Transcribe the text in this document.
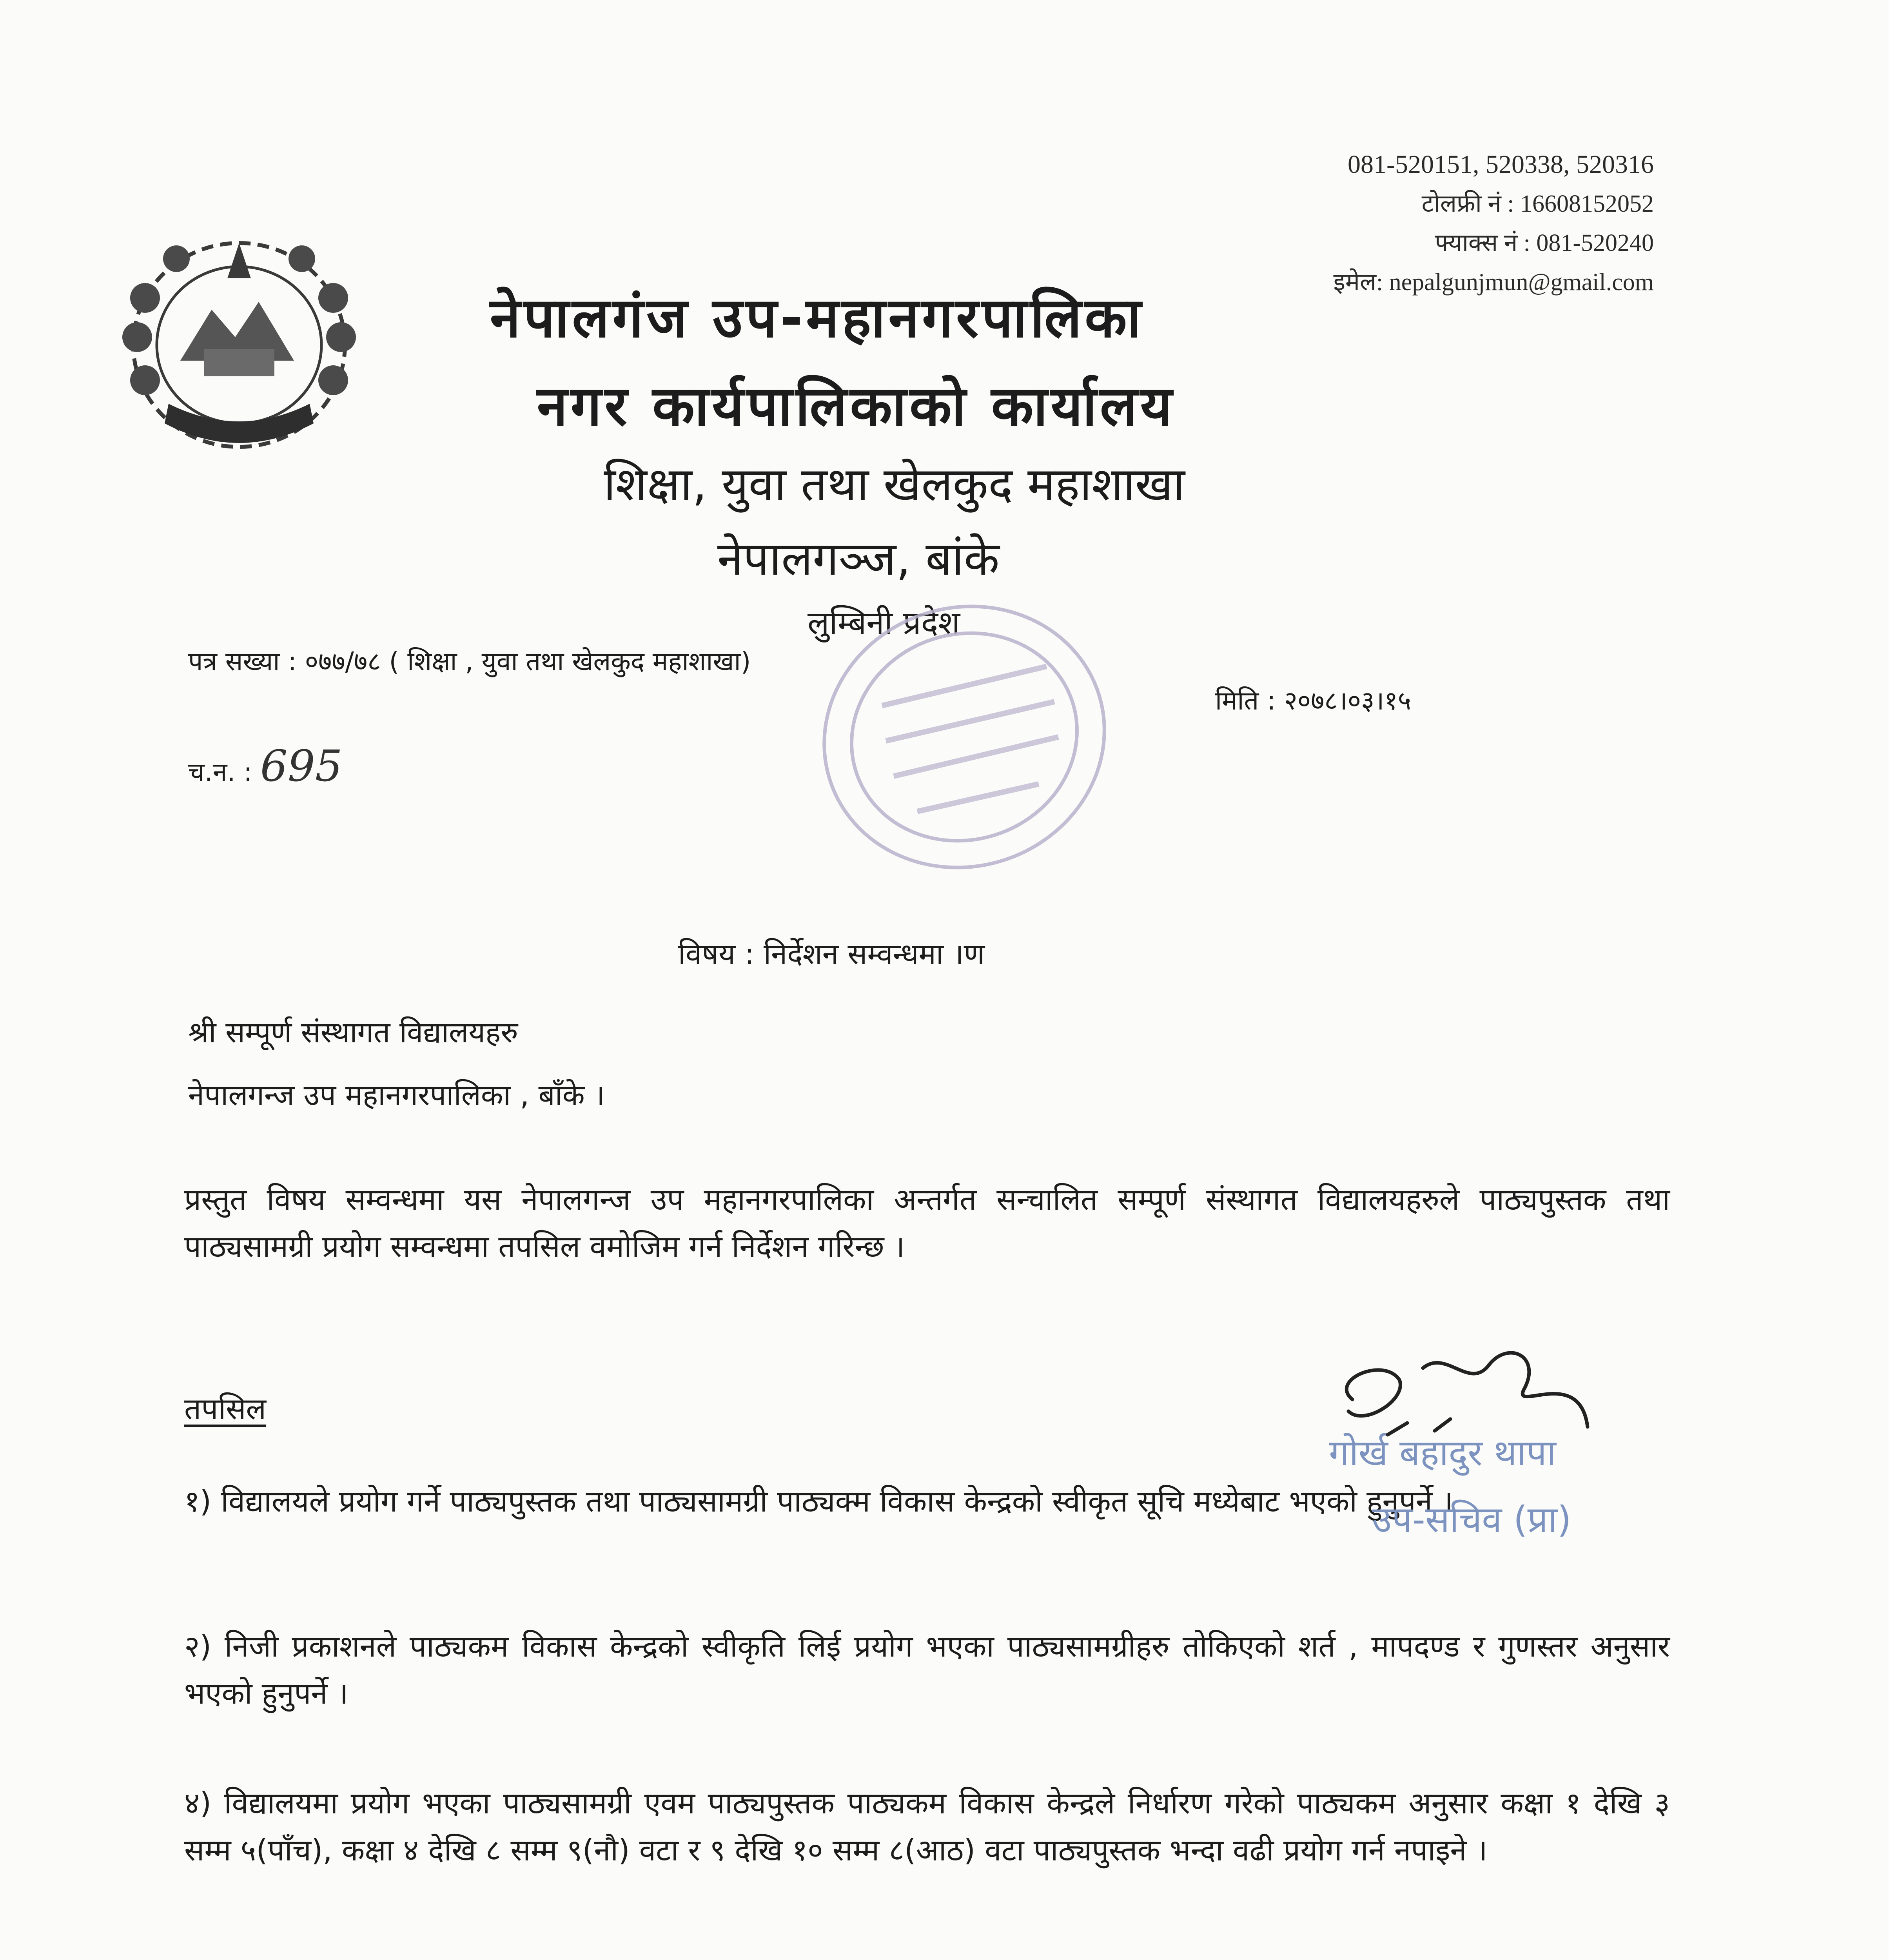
081-520151, 520338, 520316
टोलफ्री नं : 16608152052
फ्याक्स नं : 081-520240
इमेल: nepalgunjmun@gmail.com
नेपालगंज उप-महानगरपालिका
नगर कार्यपालिकाको कार्यालय
शिक्षा, युवा तथा खेलकुद महाशाखा
नेपालगञ्ज, बांके
लुम्बिनी प्रदेश
पत्र सख्या : ०७७/७८ ( शिक्षा , युवा तथा खेलकुद महाशाखा)
मिति : २०७८।०३।१५
च.न. : 695
विषय : निर्देशन सम्वन्धमा ।ण
श्री सम्पूर्ण संस्थागत विद्यालयहरु
नेपालगन्ज उप महानगरपालिका , बाँके ।
प्रस्तुत विषय सम्वन्धमा यस नेपालगन्ज उप महानगरपालिका अन्तर्गत सन्चालित सम्पूर्ण संस्थागत विद्यालयहरुले पाठ्यपुस्तक तथा पाठ्यसामग्री प्रयोग सम्वन्धमा तपसिल वमोजिम गर्न निर्देशन गरिन्छ ।
तपसिल
१) विद्यालयले प्रयोग गर्ने पाठ्यपुस्तक तथा पाठ्यसामग्री पाठ्यक्म विकास केन्द्रको स्वीकृत सूचि मध्येबाट भएको हुनुपर्ने ।
२) निजी प्रकाशनले पाठ्यकम विकास केन्द्रको स्वीकृति लिई प्रयोग भएका पाठ्यसामग्रीहरु तोकिएको शर्त , मापदण्ड र गुणस्तर अनुसार भएको हुनुपर्ने ।
४) विद्यालयमा प्रयोग भएका पाठ्यसामग्री एवम पाठ्यपुस्तक पाठ्यकम विकास केन्द्रले निर्धारण गरेको पाठ्यकम अनुसार कक्षा १ देखि ३ सम्म ५(पाँच), कक्षा ४ देखि ८ सम्म ९(नौ) वटा र ९ देखि १० सम्म ८(आठ) वटा पाठ्यपुस्तक भन्दा वढी प्रयोग गर्न नपाइने ।
गोर्ख बहादुर थापा
उप-सचिव (प्रा)
